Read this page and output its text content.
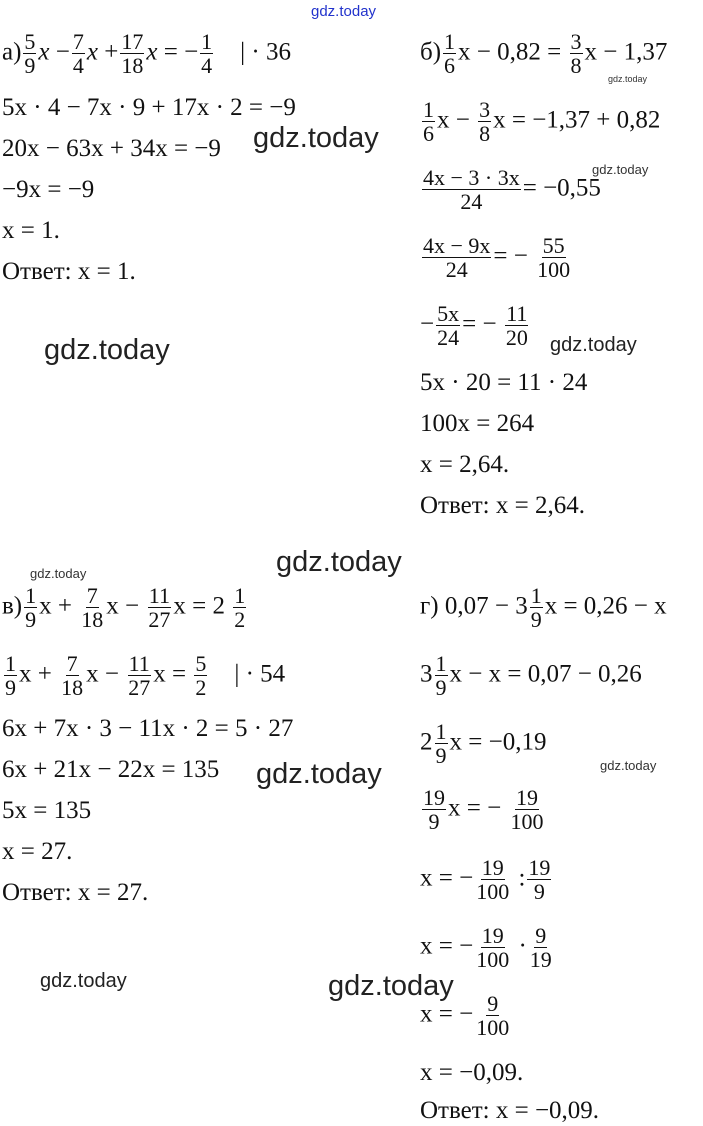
gdz.today
gdz.today
gdz.today
gdz.today
gdz.today
gdz.today
gdz.today
gdz.today
gdz.today
gdz.today
gdz.today
gdz.today
$а) \frac{5}{9}$ $x - \frac{7}{4}$ $x + \frac{17}{18}$ x = − $\frac{1}{4}$ | · 36
5x · 4 − 7x · 9 + 17x · 2 = −9
20x − 63x + 34x = −9
−9x = −9
x = 1.
Ответ: x = 1.
$б) \frac{1}{6}$ $x - 0,82 = \frac{3}{8}$ x − 1,37
$\frac{1}{6}$ $x - \frac{3}{8}$ x = −1,37 + 0,82
$\frac{4x - 3 \cdot 3x}{24} = -0,55$
$\frac{4x - 9x}{24}$ = − $\frac{55}{100}$
− $\frac{5x}{24}$ = − $\frac{11}{20}$
5x · 20 = 11 · 24
100x = 264
x = 2,64.
Ответ: x = 2,64.
$в) \frac{1}{9}$ $x + \frac{7}{18}$ $x - \frac{11}{27}$ $x = 2 \frac{1}{2}$
$\frac{1}{9}$ $x + \frac{7}{18}$ $x - \frac{11}{27}$ $x = \frac{5}{2}$ | · 54
6x + 7x · 3 − 11x · 2 = 5 · 27
6x + 21x − 22x = 135
5x = 135
x = 27.
Ответ: x = 27.
г) $0,07 - 3 \frac{1}{9}$ x = 0,26 − x
$3 \frac{1}{9}$ x − x = 0,07 − 0,26
$2 \frac{1}{9}$ x = −0,19
$\frac{19}{9}$ x = − $\frac{19}{100}$
x = − $\frac{19}{100}$ : $\frac{19}{9}$
x = − $\frac{19}{100} \cdot \frac{9}{19}$
x = − $\frac{9}{100}$
x = −0,09.
Ответ: x = −0,09.
